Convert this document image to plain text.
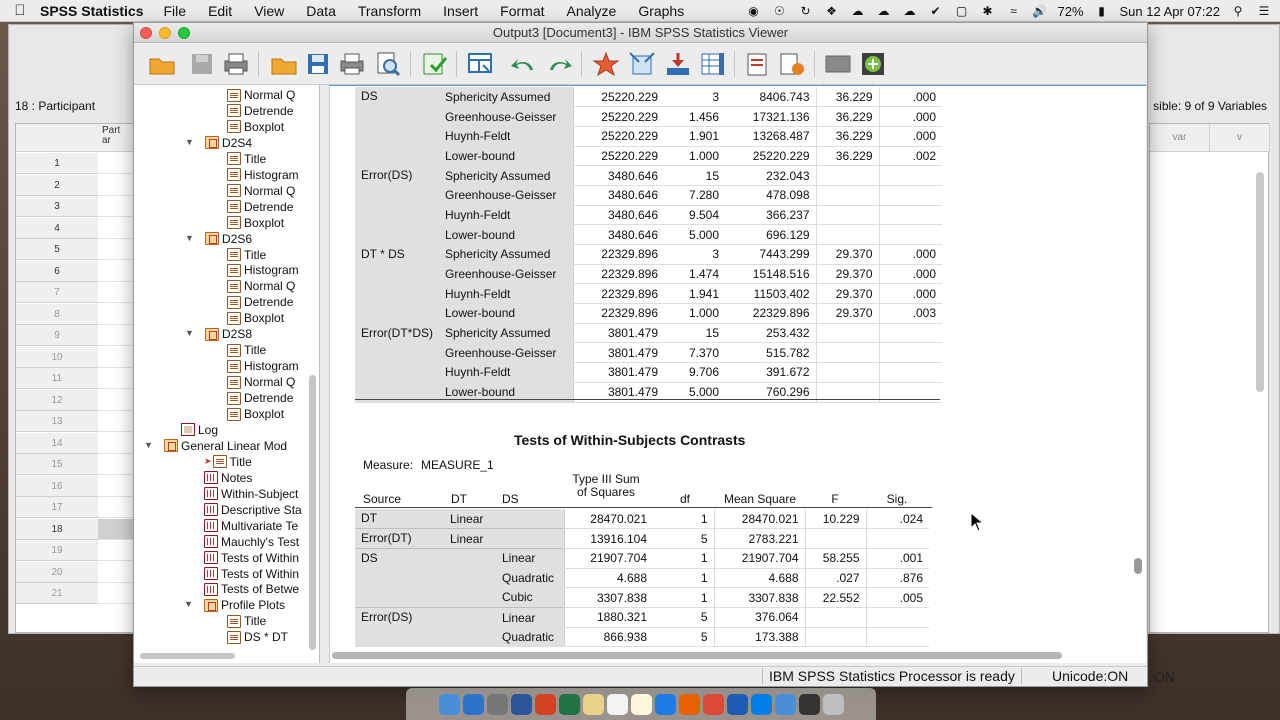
SPSS Statistics File Edit View Data Transform Insert Format Analyze Graphs	◉ ☉ ↻ ❖ ☁ ☁ ☁ ✔ ▢ ✱	≈	🔊 72%	▮	Sun 12 Apr 07:22 ⚲	☰
18 : Participant	sible: 9 of 9 Variables
Part
ar
1
2
3
4
5
6
7
8
9
10
11
12
13
14
15
16
17
18
19
20
21
var	v
Output3 [Document3] - IBM SPSS Statistics Viewer
Normal Q
Detrende
Boxplot
D2S4
▼
Title
Histogram
Normal Q
Detrende
Boxplot
D2S6
▼
Title
Histogram
Normal Q
Detrende
Boxplot
D2S8
▼
Title
Histogram
Normal Q
Detrende
Boxplot
Log
General Linear Mod
▼
➤ Title
Notes
Within-Subject
Descriptive Sta
Multivariate Te
Mauchly's Test
Tests of Within
Tests of Within
Tests of Betwe
Profile Plots
▼
Title
DS * DT
DS	Sphericity Assumed	25220.229	3	8406.743	36.229	.000
	Greenhouse-Geisser	25220.229	1.456	17321.136	36.229	.000
	Huynh-Feldt	25220.229	1.901	13268.487	36.229	.000
	Lower-bound	25220.229	1.000	25220.229	36.229	.002
Error(DS)	Sphericity Assumed	3480.646	15	232.043		
	Greenhouse-Geisser	3480.646	7.280	478.098		
	Huynh-Feldt	3480.646	9.504	366.237		
	Lower-bound	3480.646	5.000	696.129		
DT * DS	Sphericity Assumed	22329.896	3	7443.299	29.370	.000
	Greenhouse-Geisser	22329.896	1.474	15148.516	29.370	.000
	Huynh-Feldt	22329.896	1.941	11503.402	29.370	.000
	Lower-bound	22329.896	1.000	22329.896	29.370	.003
Error(DT*DS)	Sphericity Assumed	3801.479	15	253.432		
	Greenhouse-Geisser	3801.479	7.370	515.782		
	Huynh-Feldt	3801.479	9.706	391.672		
	Lower-bound	3801.479	5.000	760.296		
Tests of Within-Subjects Contrasts
Measure: MEASURE_1
Source	DT	DS
Type III Sum
of Squares	df	Mean Square	F	Sig.
DT	Linear		28470.021	1	28470.021	10.229	.024
Error(DT)	Linear		13916.104	5	2783.221		
DS		Linear	21907.704	1	21907.704	58.255	.001
		Quadratic	4.688	1	4.688	.027	.876
		Cubic	3307.838	1	3307.838	22.552	.005
Error(DS)		Linear	1880.321	5	376.064		
		Quadratic	866.938	5	173.388		
IBM SPSS Statistics Processor is ready	Unicode:ON :ON
